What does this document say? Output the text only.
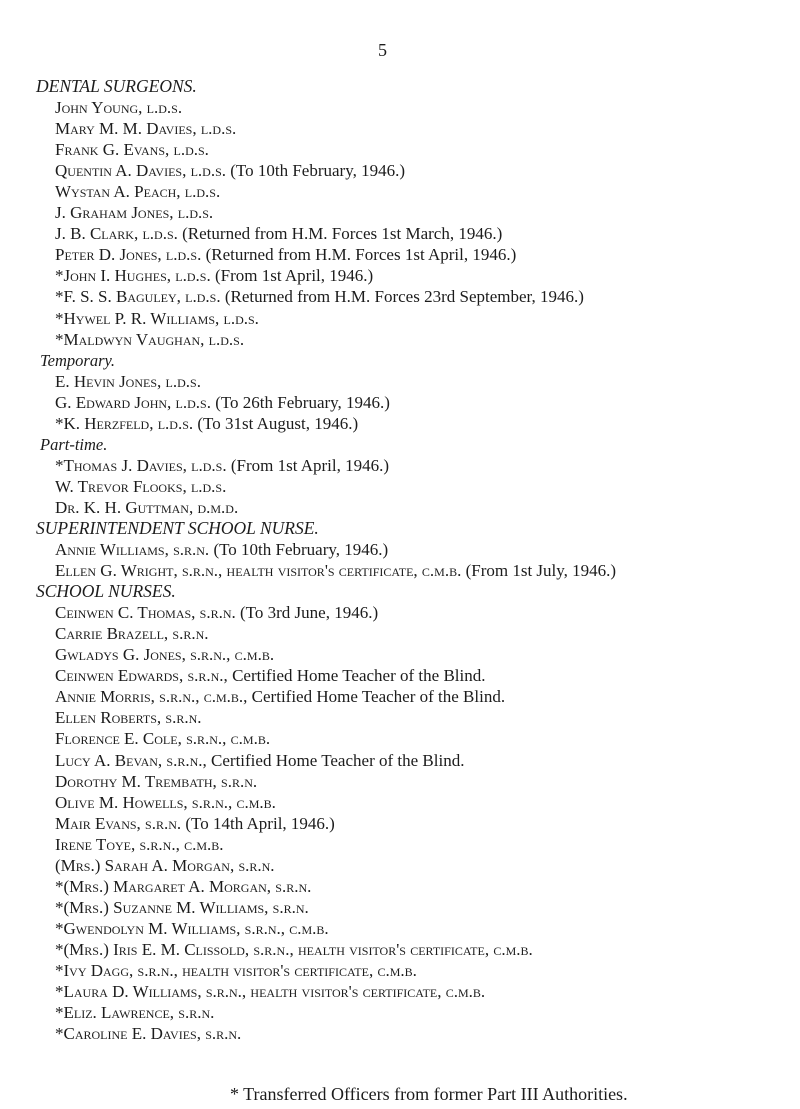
5
DENTAL SURGEONS.
John Young, l.d.s.
Mary M. M. Davies, l.d.s.
Frank G. Evans, l.d.s.
Quentin A. Davies, l.d.s. (To 10th February, 1946.)
Wystan A. Peach, l.d.s.
J. Graham Jones, l.d.s.
J. B. Clark, l.d.s. (Returned from H.M. Forces 1st March, 1946.)
Peter D. Jones, l.d.s. (Returned from H.M. Forces 1st April, 1946.)
*John I. Hughes, l.d.s. (From 1st April, 1946.)
*F. S. S. Baguley, l.d.s. (Returned from H.M. Forces 23rd September, 1946.)
*Hywel P. R. Williams, l.d.s.
*Maldwyn Vaughan, l.d.s.
Temporary.
E. Hevin Jones, l.d.s.
G. Edward John, l.d.s. (To 26th February, 1946.)
*K. Herzfeld, l.d.s. (To 31st August, 1946.)
Part-time.
*Thomas J. Davies, l.d.s. (From 1st April, 1946.)
W. Trevor Flooks, l.d.s.
Dr. K. H. Guttman, d.m.d.
SUPERINTENDENT SCHOOL NURSE.
Annie Williams, s.r.n. (To 10th February, 1946.)
Ellen G. Wright, s.r.n., health visitor's certificate, c.m.b. (From 1st July, 1946.)
SCHOOL NURSES.
Ceinwen C. Thomas, s.r.n. (To 3rd June, 1946.)
Carrie Brazell, s.r.n.
Gwladys G. Jones, s.r.n., c.m.b.
Ceinwen Edwards, s.r.n., Certified Home Teacher of the Blind.
Annie Morris, s.r.n., c.m.b., Certified Home Teacher of the Blind.
Ellen Roberts, s.r.n.
Florence E. Cole, s.r.n., c.m.b.
Lucy A. Bevan, s.r.n., Certified Home Teacher of the Blind.
Dorothy M. Trembath, s.r.n.
Olive M. Howells, s.r.n., c.m.b.
Mair Evans, s.r.n. (To 14th April, 1946.)
Irene Toye, s.r.n., c.m.b.
(Mrs.) Sarah A. Morgan, s.r.n.
*(Mrs.) Margaret A. Morgan, s.r.n.
*(Mrs.) Suzanne M. Williams, s.r.n.
*Gwendolyn M. Williams, s.r.n., c.m.b.
*(Mrs.) Iris E. M. Clissold, s.r.n., health visitor's certificate, c.m.b.
*Ivy Dagg, s.r.n., health visitor's certificate, c.m.b.
*Laura D. Williams, s.r.n., health visitor's certificate, c.m.b.
*Eliz. Lawrence, s.r.n.
*Caroline E. Davies, s.r.n.
* Transferred Officers from former Part III Authorities.
